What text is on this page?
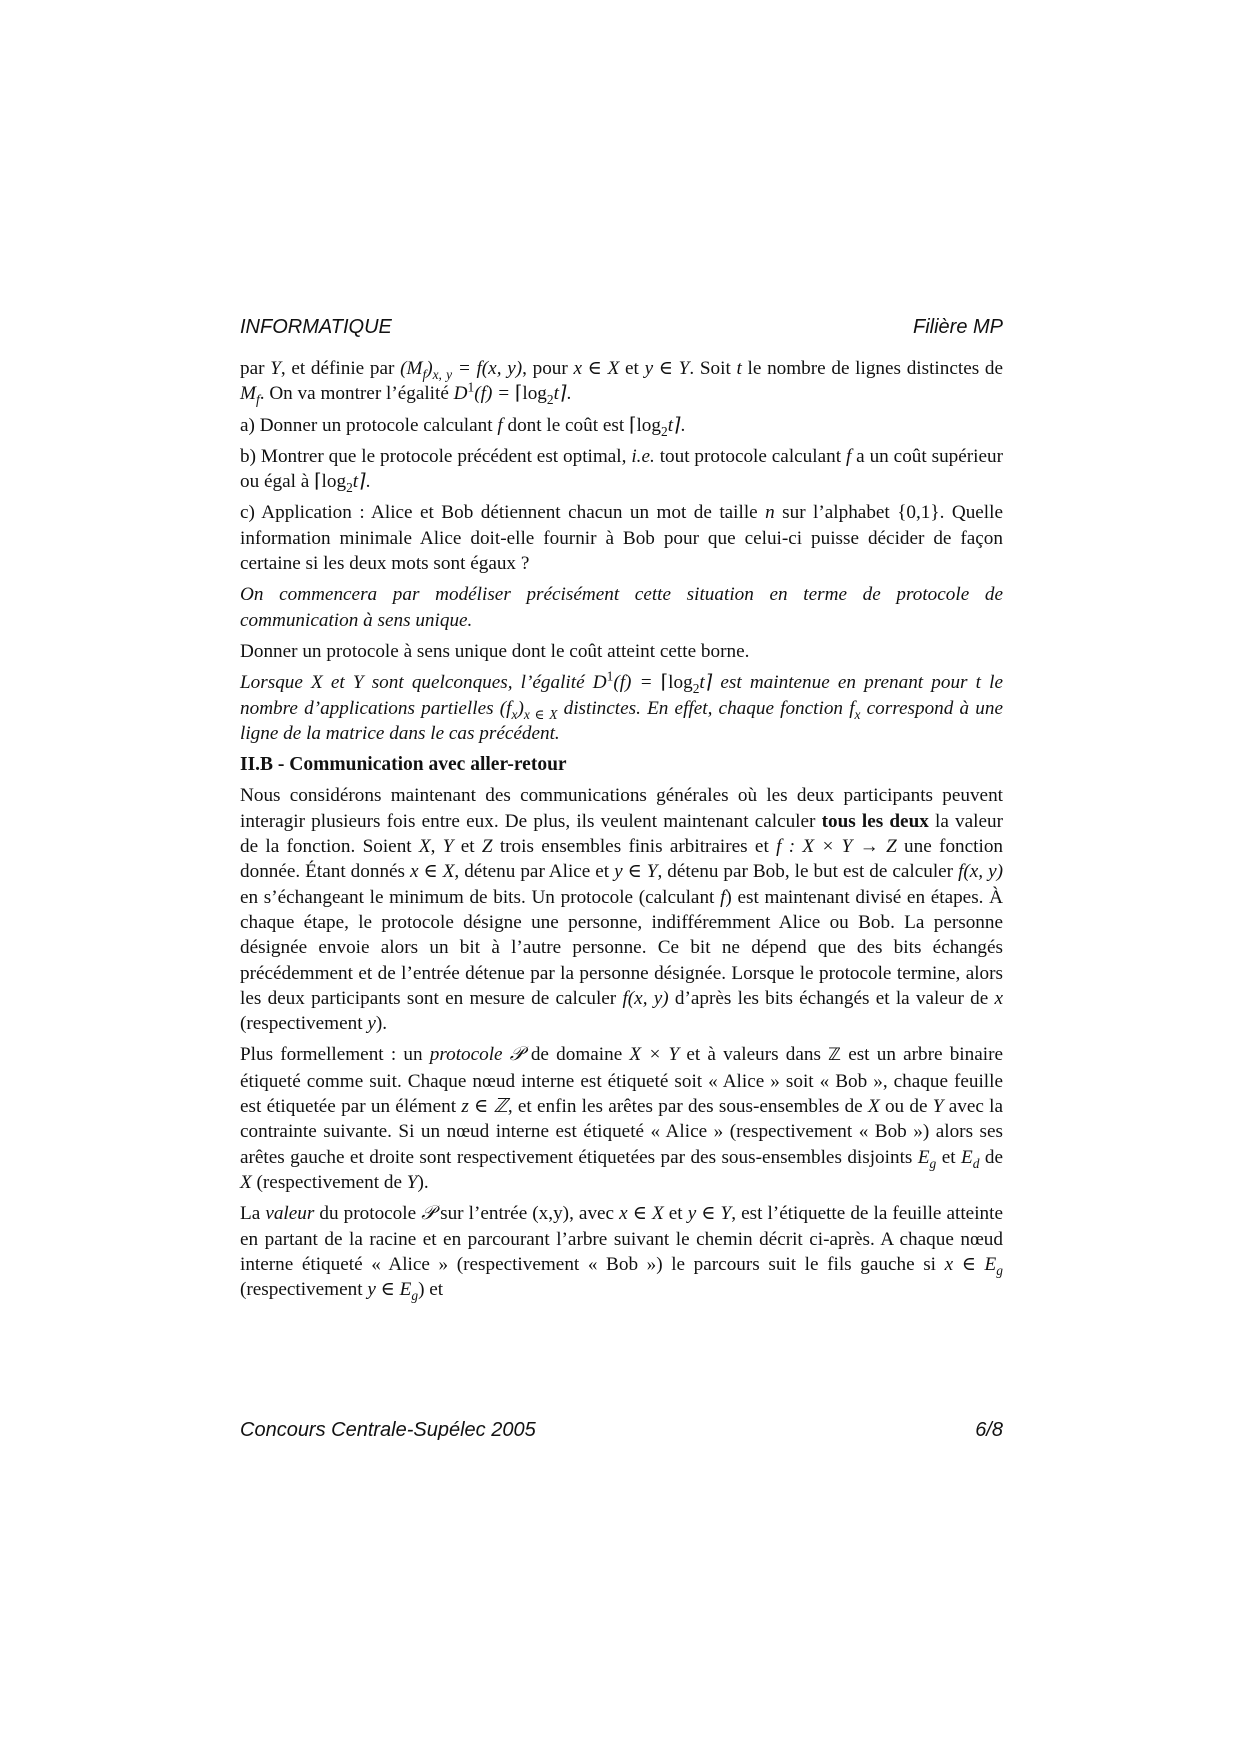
INFORMATIQUE	Filière MP

par Y, et définie par $(M_f)_{x, y} = f(x$, y), pour x ∈ X et y ∈ Y. Soit t le nombre de lignes distinctes de $M_f$. On va montrer l’égalité $D^1(f)$ = $⌈\log_2t⌉$.

a) Donner un protocole calculant f dont le coût est $⌈\log_2t⌉$.

b) Montrer que le protocole précédent est optimal, i.e. tout protocole calculant f a un coût supérieur ou égal à $⌈\log_2t⌉$.

c) Application : Alice et Bob détiennent chacun un mot de taille n sur l’alphabet {0,1}. Quelle information minimale Alice doit-elle fournir à Bob pour que celui-ci puisse décider de façon certaine si les deux mots sont égaux ?

On commencera par modéliser précisément cette situation en terme de protocole de communication à sens unique.

Donner un protocole à sens unique dont le coût atteint cette borne.

Lorsque X et Y sont quelconques, l’égalité $D^1(f)$ = $⌈\log_2t⌉$ est maintenue en prenant pour t le nombre d’applications partielles $(f_x)_{x \in X}$ distinctes. En effet, chaque fonction $f_x$ correspond à une ligne de la matrice dans le cas précédent.

II.B - Communication avec aller-retour

Nous considérons maintenant des communications générales où les deux participants peuvent interagir plusieurs fois entre eux. De plus, ils veulent maintenant calculer tous les deux la valeur de la fonction. Soient X, Y et Z trois ensembles finis arbitraires et f : X × Y → Z une fonction donnée. Étant donnés x ∈ X, détenu par Alice et y ∈ Y, détenu par Bob, le but est de calculer f(x, y) en s’échangeant le minimum de bits. Un protocole (calculant f) est maintenant divisé en étapes. À chaque étape, le protocole désigne une personne, indifféremment Alice ou Bob. La personne désignée envoie alors un bit à l’autre personne. Ce bit ne dépend que des bits échangés précédemment et de l’entrée détenue par la personne désignée. Lorsque le protocole termine, alors les deux participants sont en mesure de calculer f(x, y) d’après les bits échangés et la valeur de x (respectivement y).

Plus formellement : un protocole 𝒫 de domaine X × Y et à valeurs dans ℤ est un arbre binaire étiqueté comme suit. Chaque nœud interne est étiqueté soit « Alice » soit « Bob », chaque feuille est étiquetée par un élément z ∈ ℤ, et enfin les arêtes par des sous-ensembles de X ou de Y avec la contrainte suivante. Si un nœud interne est étiqueté « Alice » (respectivement « Bob ») alors ses arêtes gauche et droite sont respectivement étiquetées par des sous-ensembles disjoints $E_g$ et $E_d$ de X (respectivement de Y).

La valeur du protocole 𝒫 sur l’entrée (x,y), avec x ∈ X et y ∈ Y, est l’étiquette de la feuille atteinte en partant de la racine et en parcourant l’arbre suivant le chemin décrit ci-après. A chaque nœud interne étiqueté « Alice » (respectivement « Bob ») le parcours suit le fils gauche si x ∈ $E_g$ (respectivement y ∈ $E_g$) et

Concours Centrale-Supélec 2005	6/8
